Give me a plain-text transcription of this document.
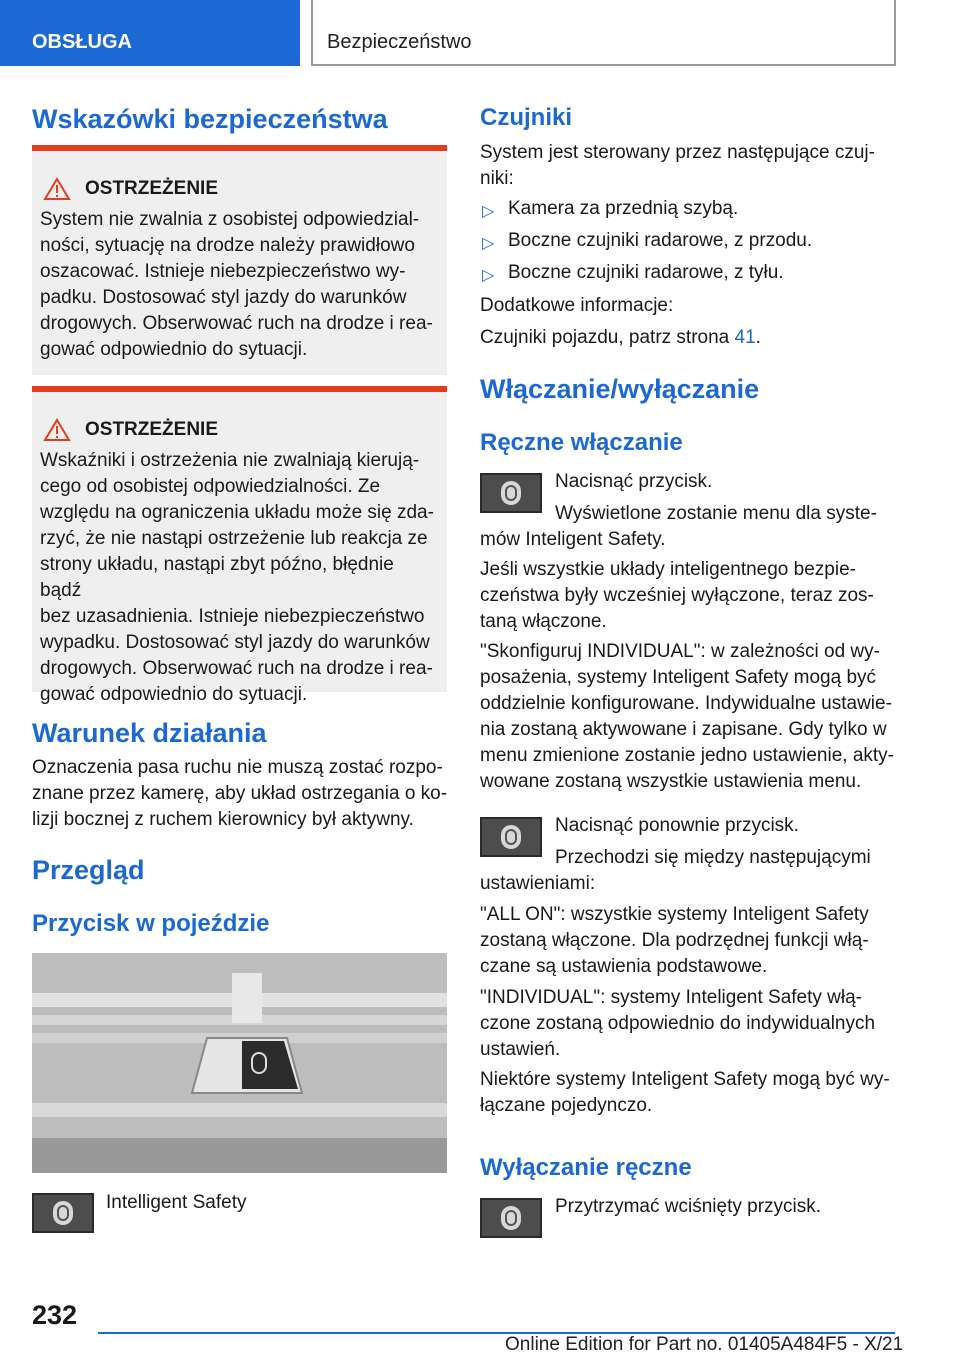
OBSŁUGA	Bezpieczeństwo
Wskazówki bezpieczeństwa
OSTRZEŻENIE
System nie zwalnia z osobistej odpowiedzial-
ności, sytuację na drodze należy prawidłowo
oszacować. Istnieje niebezpieczeństwo wy-
padku. Dostosować styl jazdy do warunków
drogowych. Obserwować ruch na drodze i rea-
gować odpowiednio do sytuacji.
OSTRZEŻENIE
Wskaźniki i ostrzeżenia nie zwalniają kierują-
cego od osobistej odpowiedzialności. Ze
względu na ograniczenia układu może się zda-
rzyć, że nie nastąpi ostrzeżenie lub reakcja ze
strony układu, nastąpi zbyt późno, błędnie bądź
bez uzasadnienia. Istnieje niebezpieczeństwo
wypadku. Dostosować styl jazdy do warunków
drogowych. Obserwować ruch na drodze i rea-
gować odpowiednio do sytuacji.
Warunek działania

Oznaczenia pasa ruchu nie muszą zostać rozpo-
znane przez kamerę, aby układ ostrzegania o ko-
lizji bocznej z ruchem kierownicy był aktywny.

Przegląd
Przycisk w pojeździe

Intelligent Safety

Czujniki

System jest sterowany przez następujące czuj-
niki:

▷ Kamera za przednią szybą.

▷ Boczne czujniki radarowe, z przodu.

▷ Boczne czujniki radarowe, z tyłu.

Dodatkowe informacje:

Czujniki pojazdu, patrz strona 41.

Włączanie/wyłączanie
Ręczne włączanie

Nacisnąć przycisk.

Wyświetlone zostanie menu dla syste-
mów Inteligent Safety.

Jeśli wszystkie układy inteligentnego bezpie-
czeństwa były wcześniej wyłączone, teraz zos-
taną włączone.

"Skonfiguruj INDIVIDUAL": w zależności od wy-
posażenia, systemy Inteligent Safety mogą być
oddzielnie konfigurowane. Indywidualne ustawie-
nia zostaną aktywowane i zapisane. Gdy tylko w
menu zmienione zostanie jedno ustawienie, akty-
wowane zostaną wszystkie ustawienia menu.

Nacisnąć ponownie przycisk.

Przechodzi się między następującymi
ustawieniami:

"ALL ON": wszystkie systemy Inteligent Safety
zostaną włączone. Dla podrzędnej funkcji włą-
czane są ustawienia podstawowe.

"INDIVIDUAL": systemy Inteligent Safety włą-
czone zostaną odpowiednio do indywidualnych
ustawień.

Niektóre systemy Inteligent Safety mogą być wy-
łączane pojedynczo.

Wyłączanie ręczne

Przytrzymać wciśnięty przycisk.

232
Online Edition for Part no. 01405A484F5 - X/21
